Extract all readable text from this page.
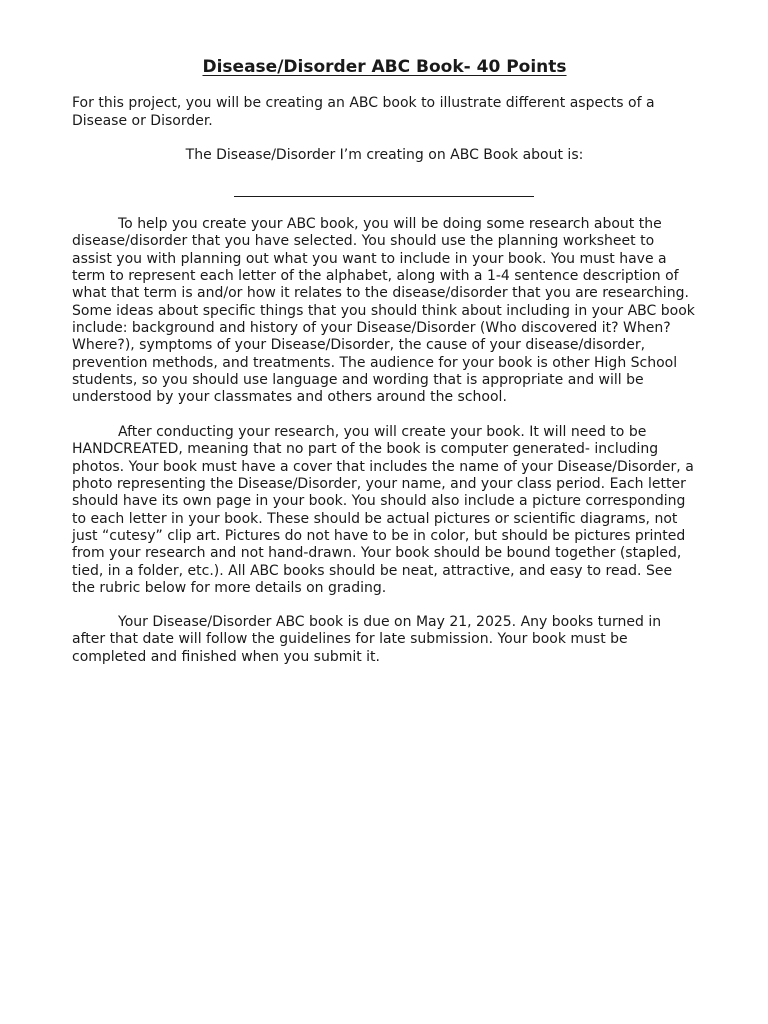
Disease/Disorder ABC Book- 40 Points

For this project, you will be creating an ABC book to illustrate different aspects of a Disease or Disorder.

The Disease/Disorder I’m creating on ABC Book about is:

To help you create your ABC book, you will be doing some research about the disease/disorder that you have selected. You should use the planning worksheet to assist you with planning out what you want to include in your book. You must have a term to represent each letter of the alphabet, along with a 1-4 sentence description of what that term is and/or how it relates to the disease/disorder that you are researching. Some ideas about specific things that you should think about including in your ABC book include: background and history of your Disease/Disorder (Who discovered it? When? Where?), symptoms of your Disease/Disorder, the cause of your disease/disorder, prevention methods, and treatments. The audience for your book is other High School students, so you should use language and wording that is appropriate and will be understood by your classmates and others around the school.

After conducting your research, you will create your book. It will need to be HANDCREATED, meaning that no part of the book is computer generated- including photos. Your book must have a cover that includes the name of your Disease/Disorder, a photo representing the Disease/Disorder, your name, and your class period. Each letter should have its own page in your book. You should also include a picture corresponding to each letter in your book. These should be actual pictures or scientific diagrams, not just “cutesy” clip art. Pictures do not have to be in color, but should be pictures printed from your research and not hand-drawn. Your book should be bound together (stapled, tied, in a folder, etc.). All ABC books should be neat, attractive, and easy to read. See the rubric below for more details on grading.

Your Disease/Disorder ABC book is due on May 21, 2025. Any books turned in after that date will follow the guidelines for late submission. Your book must be completed and finished when you submit it.
